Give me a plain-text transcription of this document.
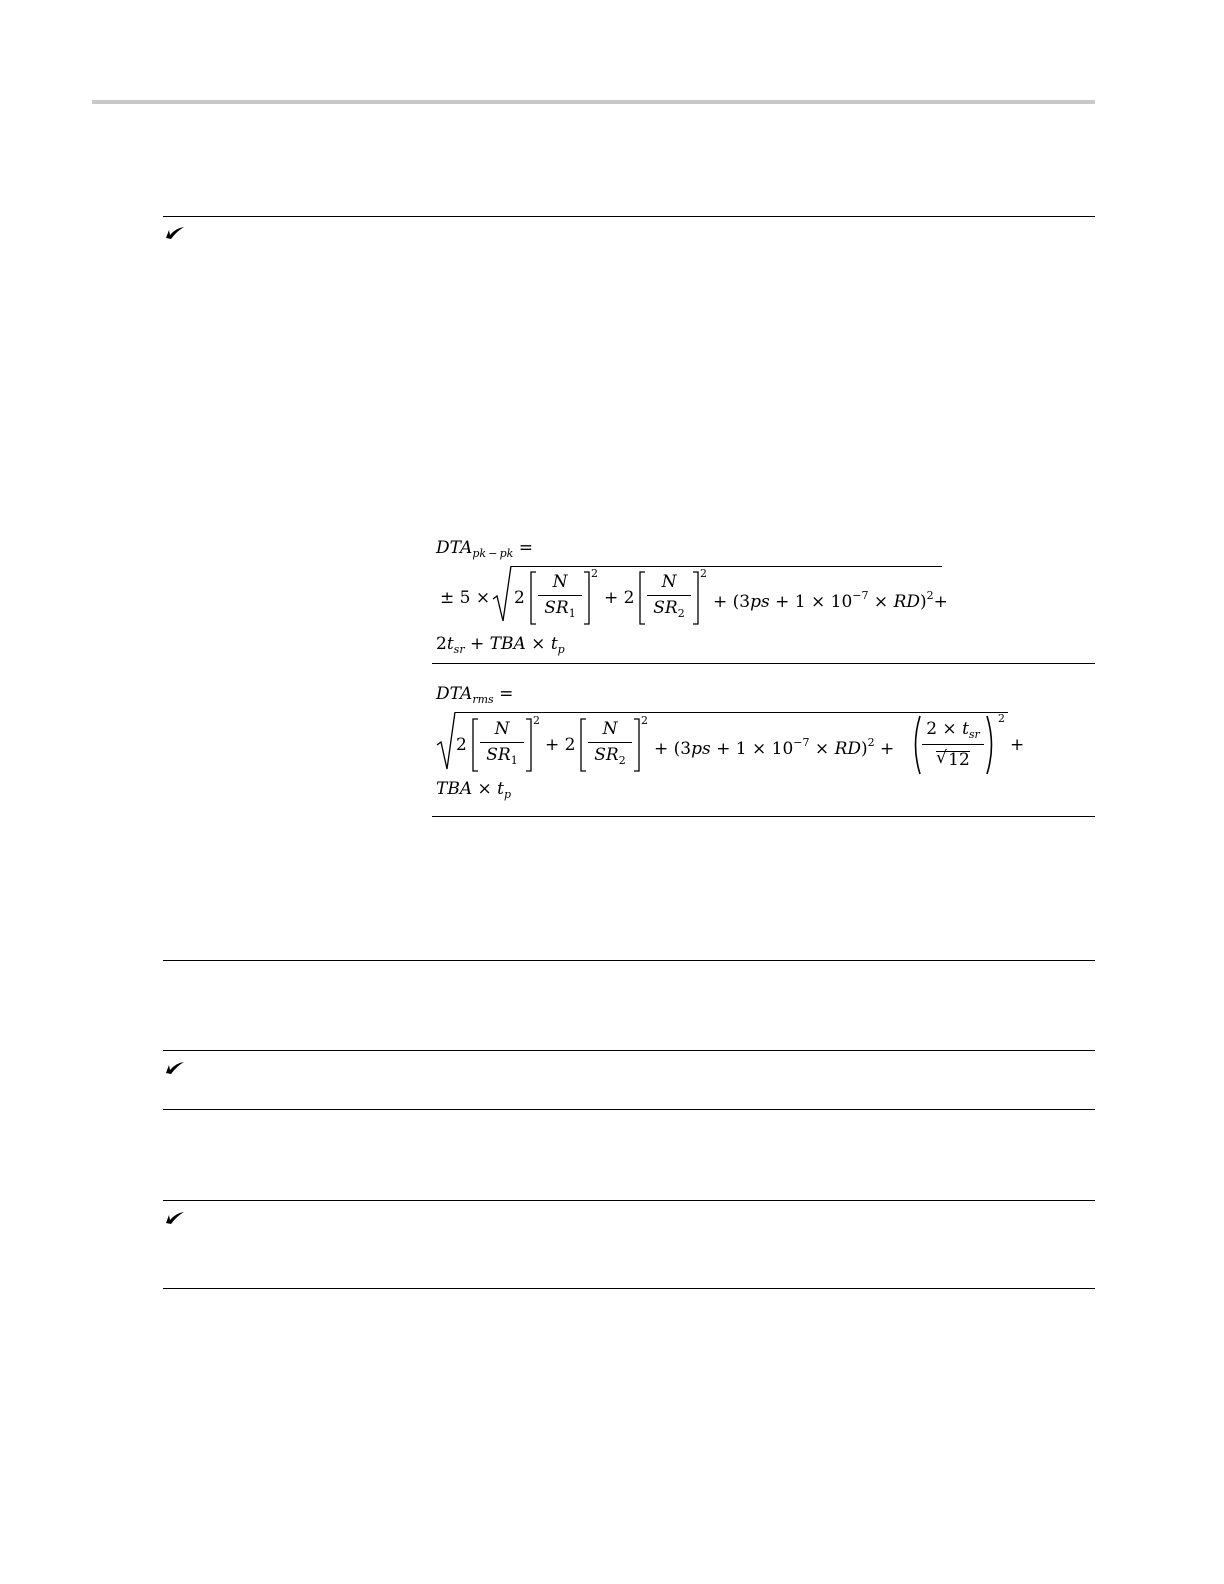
$DTA_{pk - pk}$ =
± 5 × 2
N
$SR_1$
2
+ 2
N
$SR_2$
2
+ $(3ps + 1 \times 10^{-7} \times RD)^2+$
$2t_{sr}$ + TBA × $t_p$
$DTA_{rms}$ =
2
N
$SR_1$
2
+ 2
N
$SR_2$
2
+ $(3ps + 1 \times 10^{-7} \times RD)^2$ +
$2 \times t_{sr}$
√ 12
2
+
TBA × $t_p$
